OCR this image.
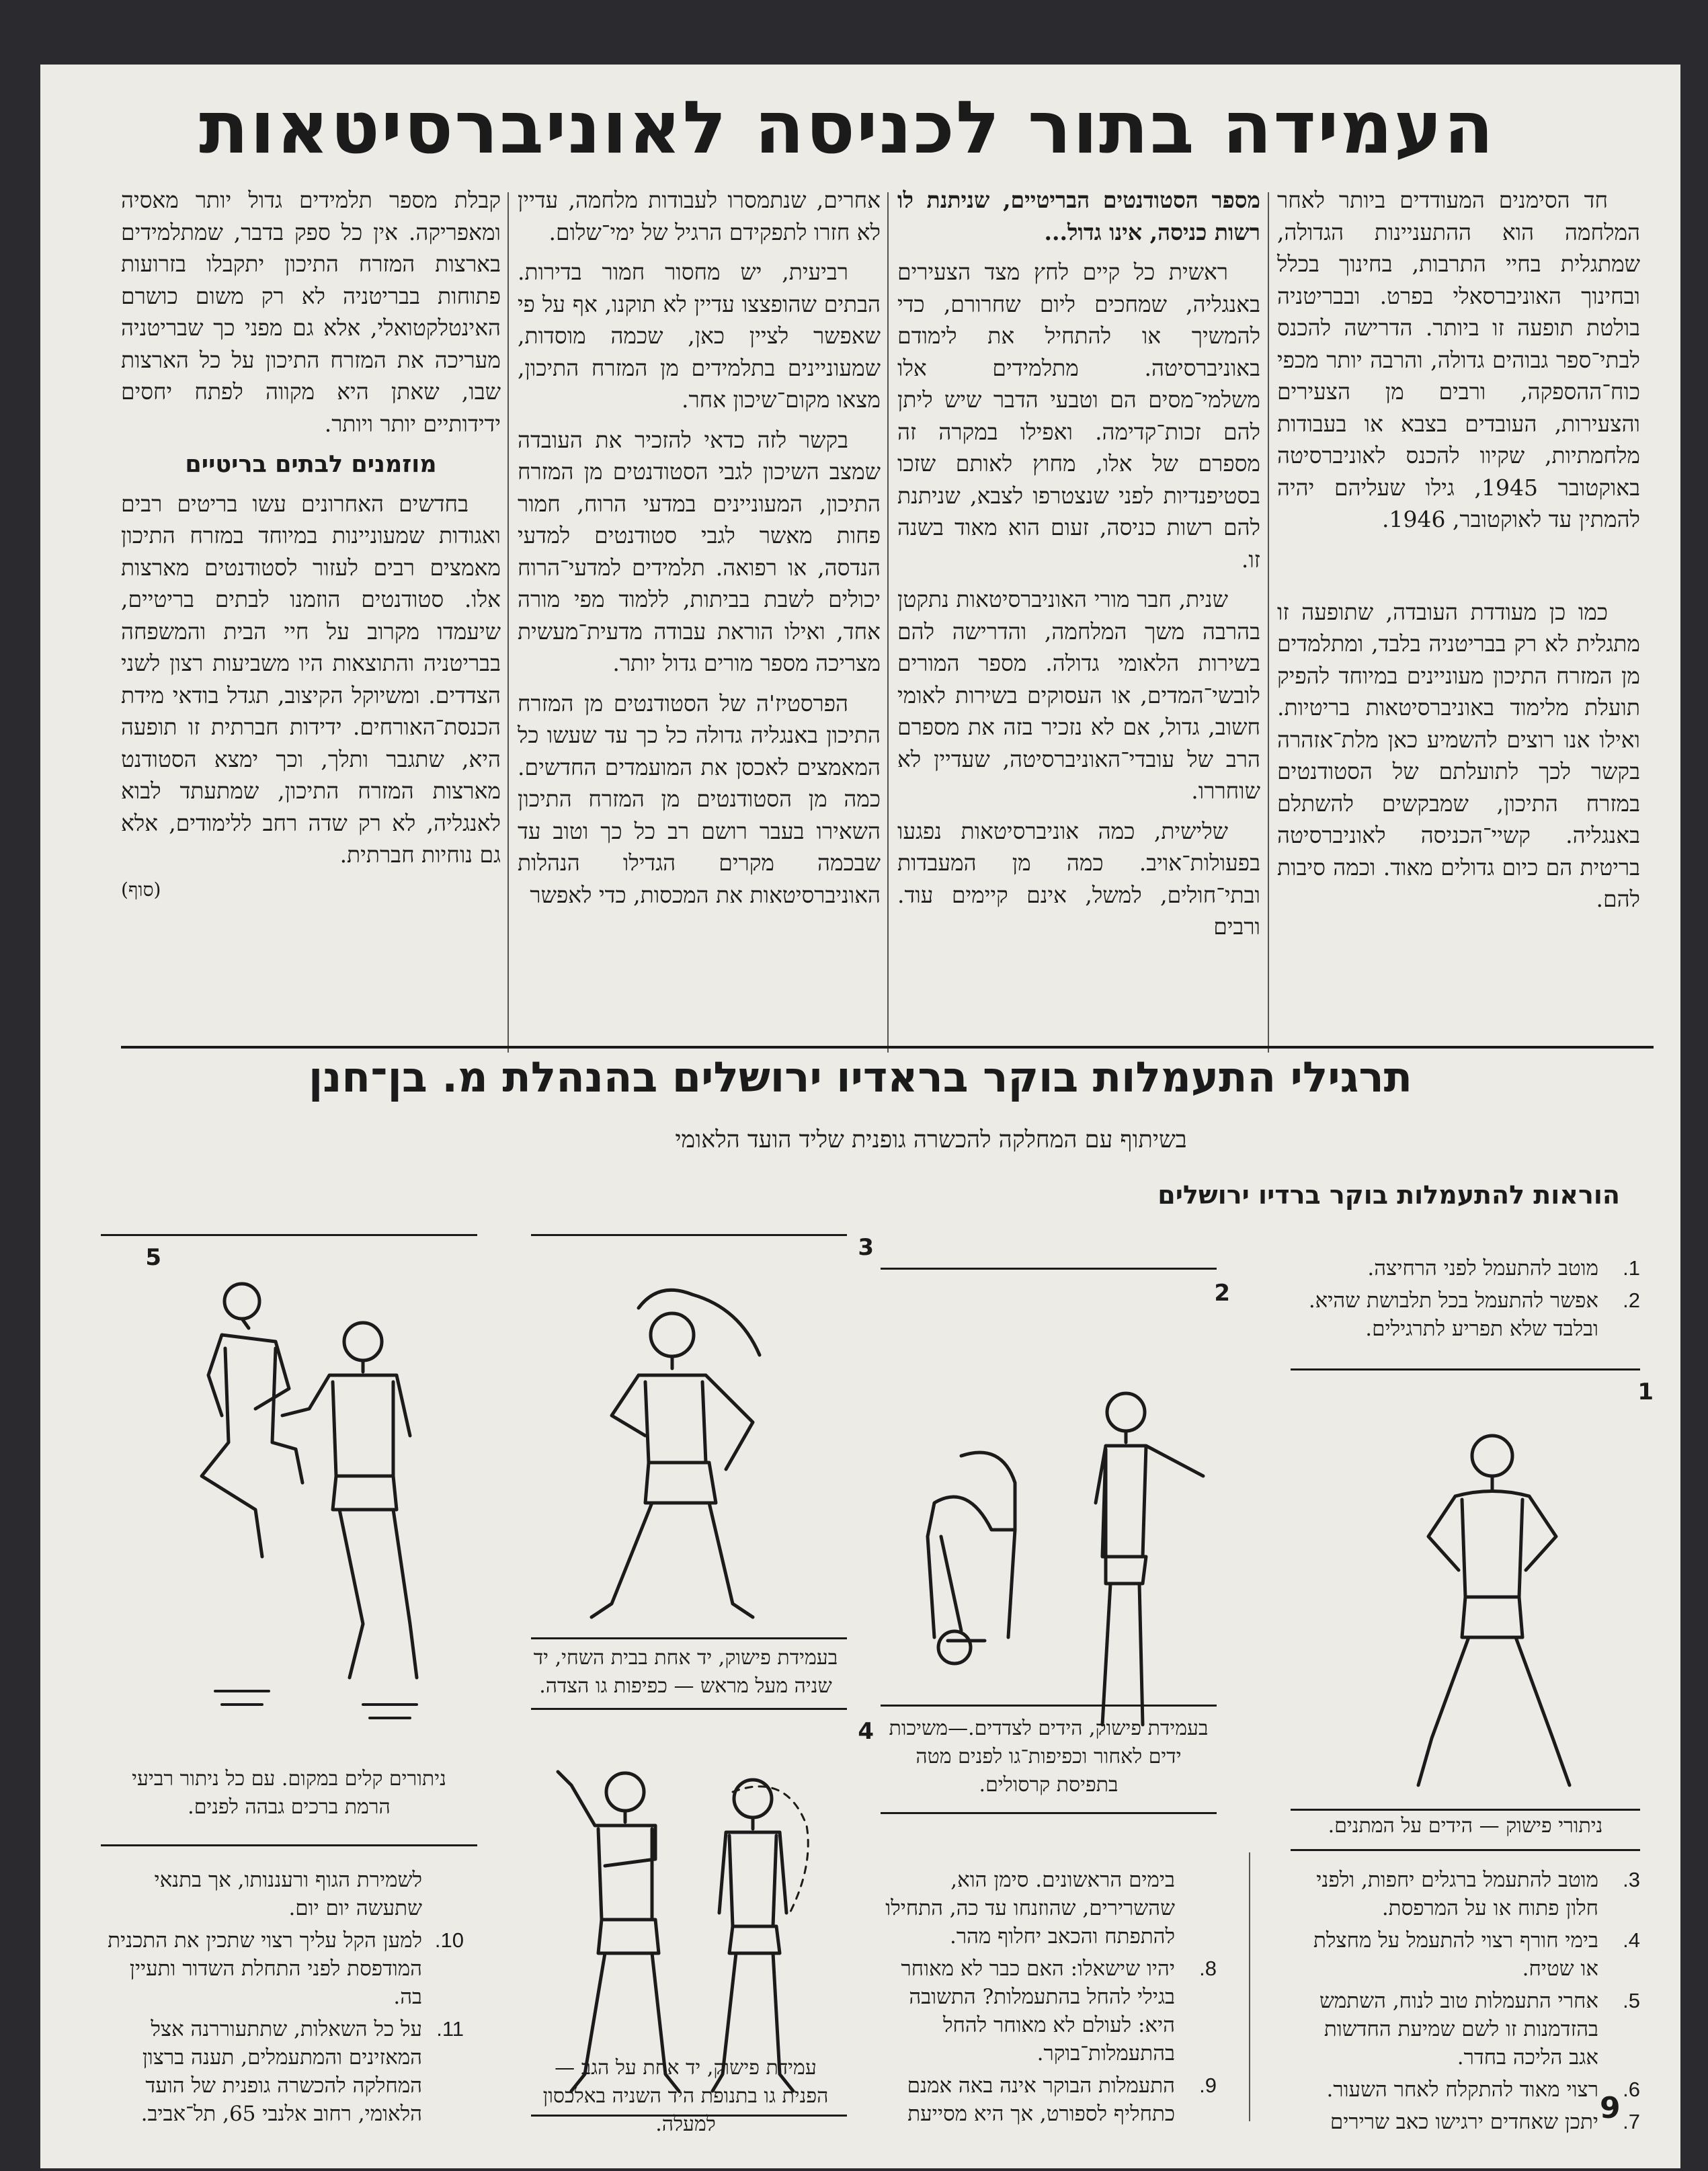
העמידה בתור לכניסה לאוניברסיטאות

חד הסימנים המעודדים ביותר לאחר המלחמה הוא ההתעניינות הגדולה, שמתגלית בחיי התרבות, בחינוך בכלל ובחינוך האוניברסאלי בפרט. ובבריטניה בולטת תופעה זו ביותר. הדרישה להכנס לבתי־ספר גבוהים גדולה, והרבה יותר מכפי כוח־ההספקה, ורבים מן הצעירים והצעירות, העובדים בצבא או בעבודות מלחמתיות, שקיוו להכנס לאוניברסיטה באוקטובר 1945, גילו שעליהם יהיה להמתין עד לאוקטובר, 1946.

כמו כן מעודדת העובדה, שתופעה זו מתגלית לא רק בבריטניה בלבד, ומתלמדים מן המזרח התיכון מעוניינים במיוחד להפיק תועלת מלימוד באוניברסיטאות בריטיות. ואילו אנו רוצים להשמיע כאן מלת־אזהרה בקשר לכך לתועלתם של הסטודנטים במזרח התיכון, שמבקשים להשתלם באנגליה. קשיי־הכניסה לאוניברסיטה בריטית הם כיום גדולים מאוד. וכמה סיבות להם.

מספר הסטודנטים הבריטיים, שניתנת לו רשות כניסה, אינו גדול...

ראשית כל קיים לחץ מצד הצעירים באנגליה, שמחכים ליום שחרורם, כדי להמשיך או להתחיל את לימודם באוניברסיטה. מתלמידים אלו משלמי־מסים הם וטבעי הדבר שיש ליתן להם זכות־קדימה. ואפילו במקרה זה מספרם של אלו, מחוץ לאותם שזכו בסטיפנדיות לפני שנצטרפו לצבא, שניתנת להם רשות כניסה, זעום הוא מאוד בשנה זו.

שנית, חבר מורי האוניברסיטאות נתקטן בהרבה משך המלחמה, והדרישה להם בשירות הלאומי גדולה. מספר המורים לובשי־המדים, או העסוקים בשירות לאומי חשוב, גדול, אם לא נזכיר בזה את מספרם הרב של עובדי־האוניברסיטה, שעדיין לא שוחררו.

שלישית, כמה אוניברסיטאות נפגעו בפעולות־אויב. כמה מן המעבדות ובתי־חולים, למשל, אינם קיימים עוד. ורבים

אחרים, שנתמסרו לעבודות מלחמה, עדיין לא חזרו לתפקידם הרגיל של ימי־שלום.

רביעית, יש מחסור חמור בדירות. הבתים שהופצצו עדיין לא תוקנו, אף על פי שאפשר לציין כאן, שכמה מוסדות, שמעוניינים בתלמידים מן המזרח התיכון, מצאו מקום־שיכון אחר.

בקשר לזה כדאי להזכיר את העובדה שמצב השיכון לגבי הסטודנטים מן המזרח התיכון, המעוניינים במדעי הרוח, חמור פחות מאשר לגבי סטודנטים למדעי הנדסה, או רפואה. תלמידים למדעי־הרוח יכולים לשבת בביתות, ללמוד מפי מורה אחד, ואילו הוראת עבודה מדעית־מעשית מצריכה מספר מורים גדול יותר.

הפרסטיז'ה של הסטודנטים מן המזרח התיכון באנגליה גדולה כל כך עד שעשו כל המאמצים לאכסן את המועמדים החדשים. כמה מן הסטודנטים מן המזרח התיכון השאירו בעבר רושם רב כל כך וטוב עד שבכמה מקרים הגדילו הנהלות האוניברסיטאות את המכסות, כדי לאפשר

קבלת מספר תלמידים גדול יותר מאסיה ומאפריקה. אין כל ספק בדבר, שמתלמידים בארצות המזרח התיכון יתקבלו בזרועות פתוחות בבריטניה לא רק משום כושרם האינטלקטואלי, אלא גם מפני כך שבריטניה מעריכה את המזרח התיכון על כל הארצות שבו, שאתן היא מקווה לפתח יחסים ידידותיים יותר ויותר.

מוזמנים לבתים בריטיים

בחדשים האחרונים עשו בריטים רבים ואגודות שמעוניינות במיוחד במזרח התיכון מאמצים רבים לעזור לסטודנטים מארצות אלו. סטודנטים הוזמנו לבתים בריטיים, שיעמדו מקרוב על חיי הבית והמשפחה בבריטניה והתוצאות היו משביעות רצון לשני הצדדים. ומשיוקל הקיצוב, תגדל בודאי מידת הכנסת־האורחים. ידידות חברתית זו תופעה היא, שתגבר ותלך, וכך ימצא הסטודנט מארצות המזרח התיכון, שמתעתד לבוא לאנגליה, לא רק שדה רחב ללימודים, אלא גם נוחיות חברתית.

(סוף)
תרגילי התעמלות בוקר בראדיו ירושלים בהנהלת מ. בן־חנן
בשיתוף עם המחלקה להכשרה גופנית שליד הועד הלאומי
הוראות להתעמלות בוקר ברדיו ירושלים
1.
מוטב להתעמל לפני הרחיצה.
2.
אפשר להתעמל בכל תלבושת שהיא. ובלבד שלא תפריע לתרגילים.
1
ניתורי פישוק — הידים על המתנים.
2
בעמידת פישוק, הידים לצדדים.—משיכות ידים לאחור וכפיפות־גו לפנים מטה בתפיסת קרסולים.
3
בעמידת פישוק, יד אחת בבית השחי, יד שניה מעל מראש — כפיפות גו הצדה.
4
עמידת פישוק, יד אחת על הגב — הפנית גו בתנופת היד השניה באלכסון למעלה.
5
ניתורים קלים במקום. עם כל ניתור רביעי הרמת ברכים גבהה לפנים.
3.
מוטב להתעמל ברגלים יחפות, ולפני חלון פתוח או על המרפסת.
4.
בימי חורף רצוי להתעמל על מחצלת או שטיח.
5.
אחרי התעמלות טוב לנוח, השתמש בהזדמנות זו לשם שמיעת החדשות אגב הליכה בחדר.
6.
רצוי מאוד להתקלח לאחר השעור.
7.
יתכן שאחדים ירגישו כאב שרירים
בימים הראשונים. סימן הוא, שהשרירים, שהוזנחו עד כה, התחילו להתפתח והכאב יחלוף מהר.
8.
יהיו שישאלו: האם כבר לא מאוחר בגילי להחל בהתעמלות? התשובה היא: לעולם לא מאוחר להחל בהתעמלות־בוקר.
9.
התעמלות הבוקר אינה באה אמנם כתחליף לספורט, אך היא מסייעת
לשמירת הגוף ורעננותו, אך בתנאי שתעשה יום יום.
10.
למען הקל עליך רצוי שתכין את התכנית המודפסת לפני התחלת השדור ותעיין בה.
11.
על כל השאלות, שתתעוררנה אצל המאזינים והמתעמלים, תענה ברצון המחלקה להכשרה גופנית של הועד הלאומי, רחוב אלנבי 65, תל־אביב.	9
